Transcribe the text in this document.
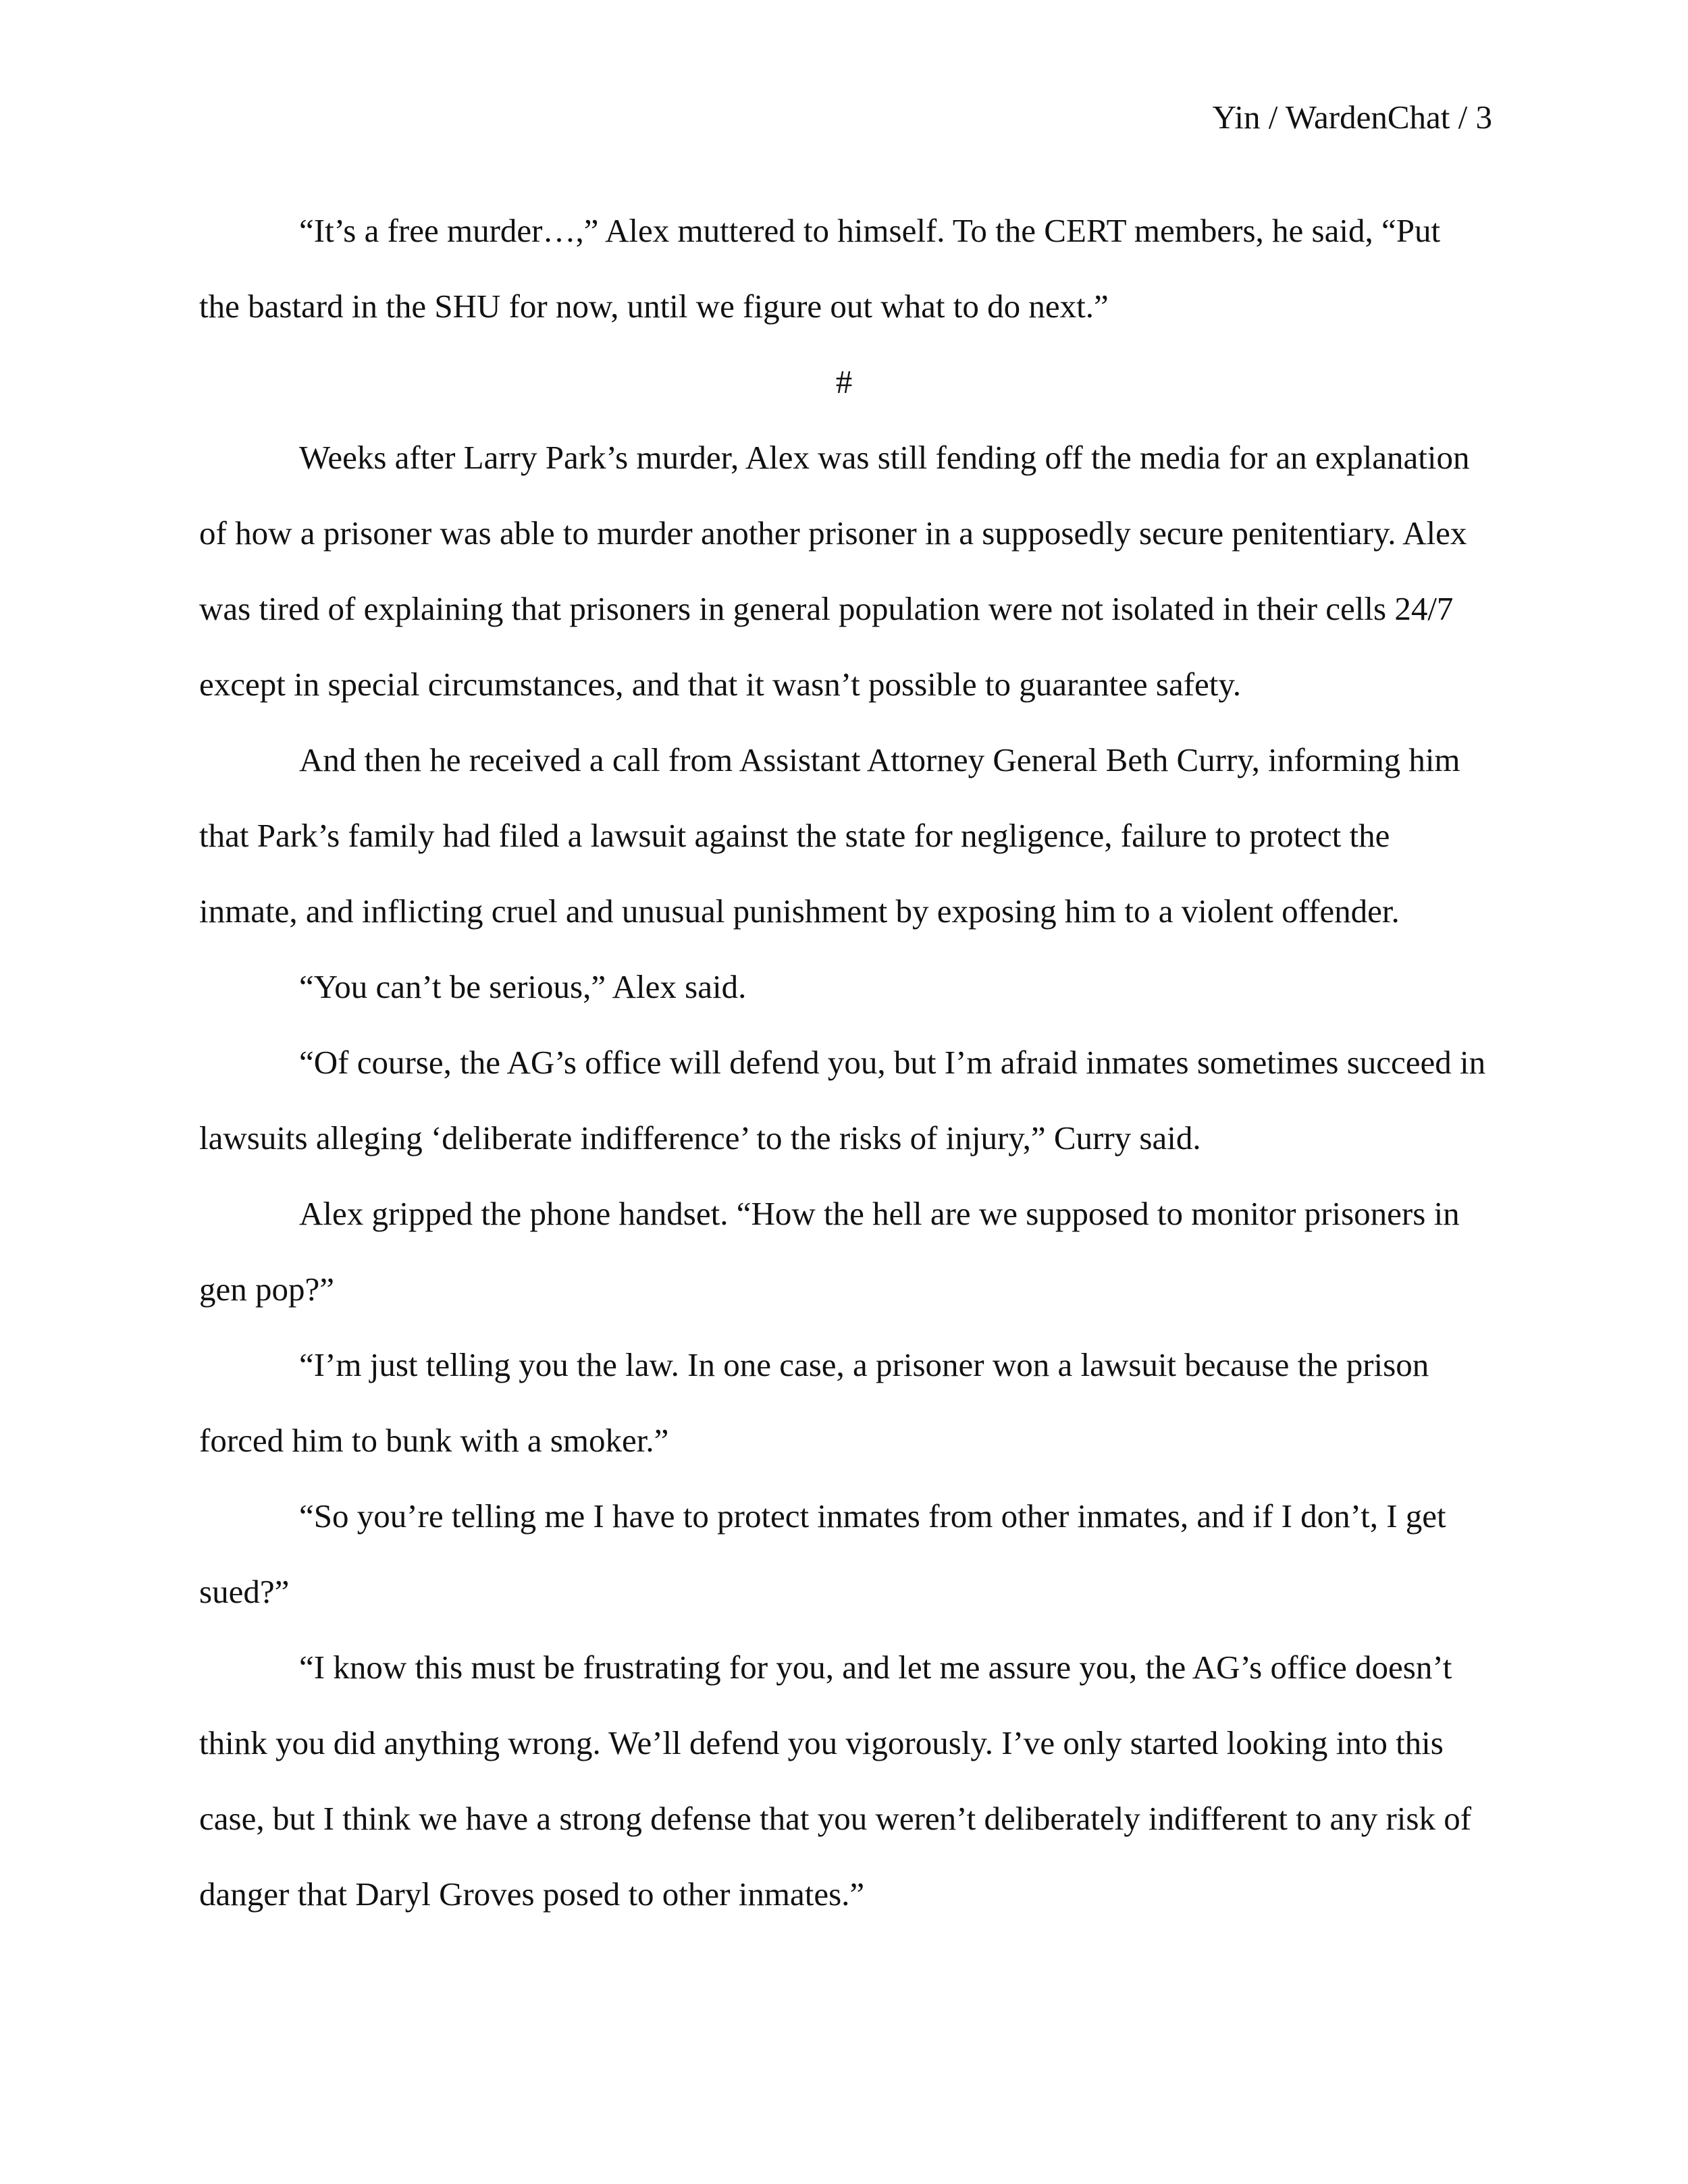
Yin / WardenChat / 3

“It’s a free murder…,” Alex muttered to himself. To the CERT members, he said, “Put the bastard in the SHU for now, until we figure out what to do next.”

#

Weeks after Larry Park’s murder, Alex was still fending off the media for an explanation of how a prisoner was able to murder another prisoner in a supposedly secure penitentiary. Alex was tired of explaining that prisoners in general population were not isolated in their cells 24/7 except in special circumstances, and that it wasn’t possible to guarantee safety.

And then he received a call from Assistant Attorney General Beth Curry, informing him that Park’s family had filed a lawsuit against the state for negligence, failure to protect the inmate, and inflicting cruel and unusual punishment by exposing him to a violent offender.

“You can’t be serious,” Alex said.

“Of course, the AG’s office will defend you, but I’m afraid inmates sometimes succeed in lawsuits alleging ‘deliberate indifference’ to the risks of injury,” Curry said.

Alex gripped the phone handset. “How the hell are we supposed to monitor prisoners in gen pop?”

“I’m just telling you the law. In one case, a prisoner won a lawsuit because the prison forced him to bunk with a smoker.”

“So you’re telling me I have to protect inmates from other inmates, and if I don’t, I get sued?”

“I know this must be frustrating for you, and let me assure you, the AG’s office doesn’t think you did anything wrong. We’ll defend you vigorously. I’ve only started looking into this case, but I think we have a strong defense that you weren’t deliberately indifferent to any risk of danger that Daryl Groves posed to other inmates.”
